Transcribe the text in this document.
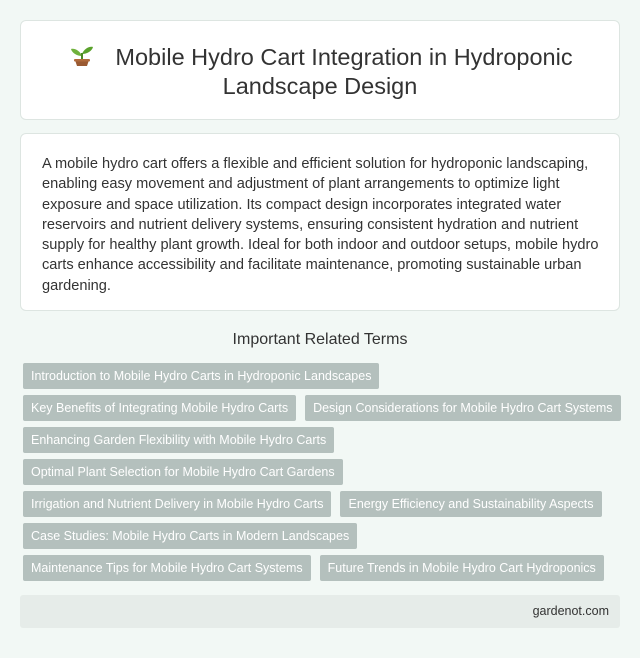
Mobile Hydro Cart Integration in Hydroponic Landscape Design

A mobile hydro cart offers a flexible and efficient solution for hydroponic landscaping, enabling easy movement and adjustment of plant arrangements to optimize light exposure and space utilization. Its compact design incorporates integrated water reservoirs and nutrient delivery systems, ensuring consistent hydration and nutrient supply for healthy plant growth. Ideal for both indoor and outdoor setups, mobile hydro carts enhance accessibility and facilitate maintenance, promoting sustainable urban gardening.

Important Related Terms
Introduction to Mobile Hydro Carts in Hydroponic Landscapes
Key Benefits of Integrating Mobile Hydro Carts	Design Considerations for Mobile Hydro Cart Systems
Enhancing Garden Flexibility with Mobile Hydro Carts
Optimal Plant Selection for Mobile Hydro Cart Gardens
Irrigation and Nutrient Delivery in Mobile Hydro Carts	Energy Efficiency and Sustainability Aspects
Case Studies: Mobile Hydro Carts in Modern Landscapes
Maintenance Tips for Mobile Hydro Cart Systems	Future Trends in Mobile Hydro Cart Hydroponics
gardenot.com
